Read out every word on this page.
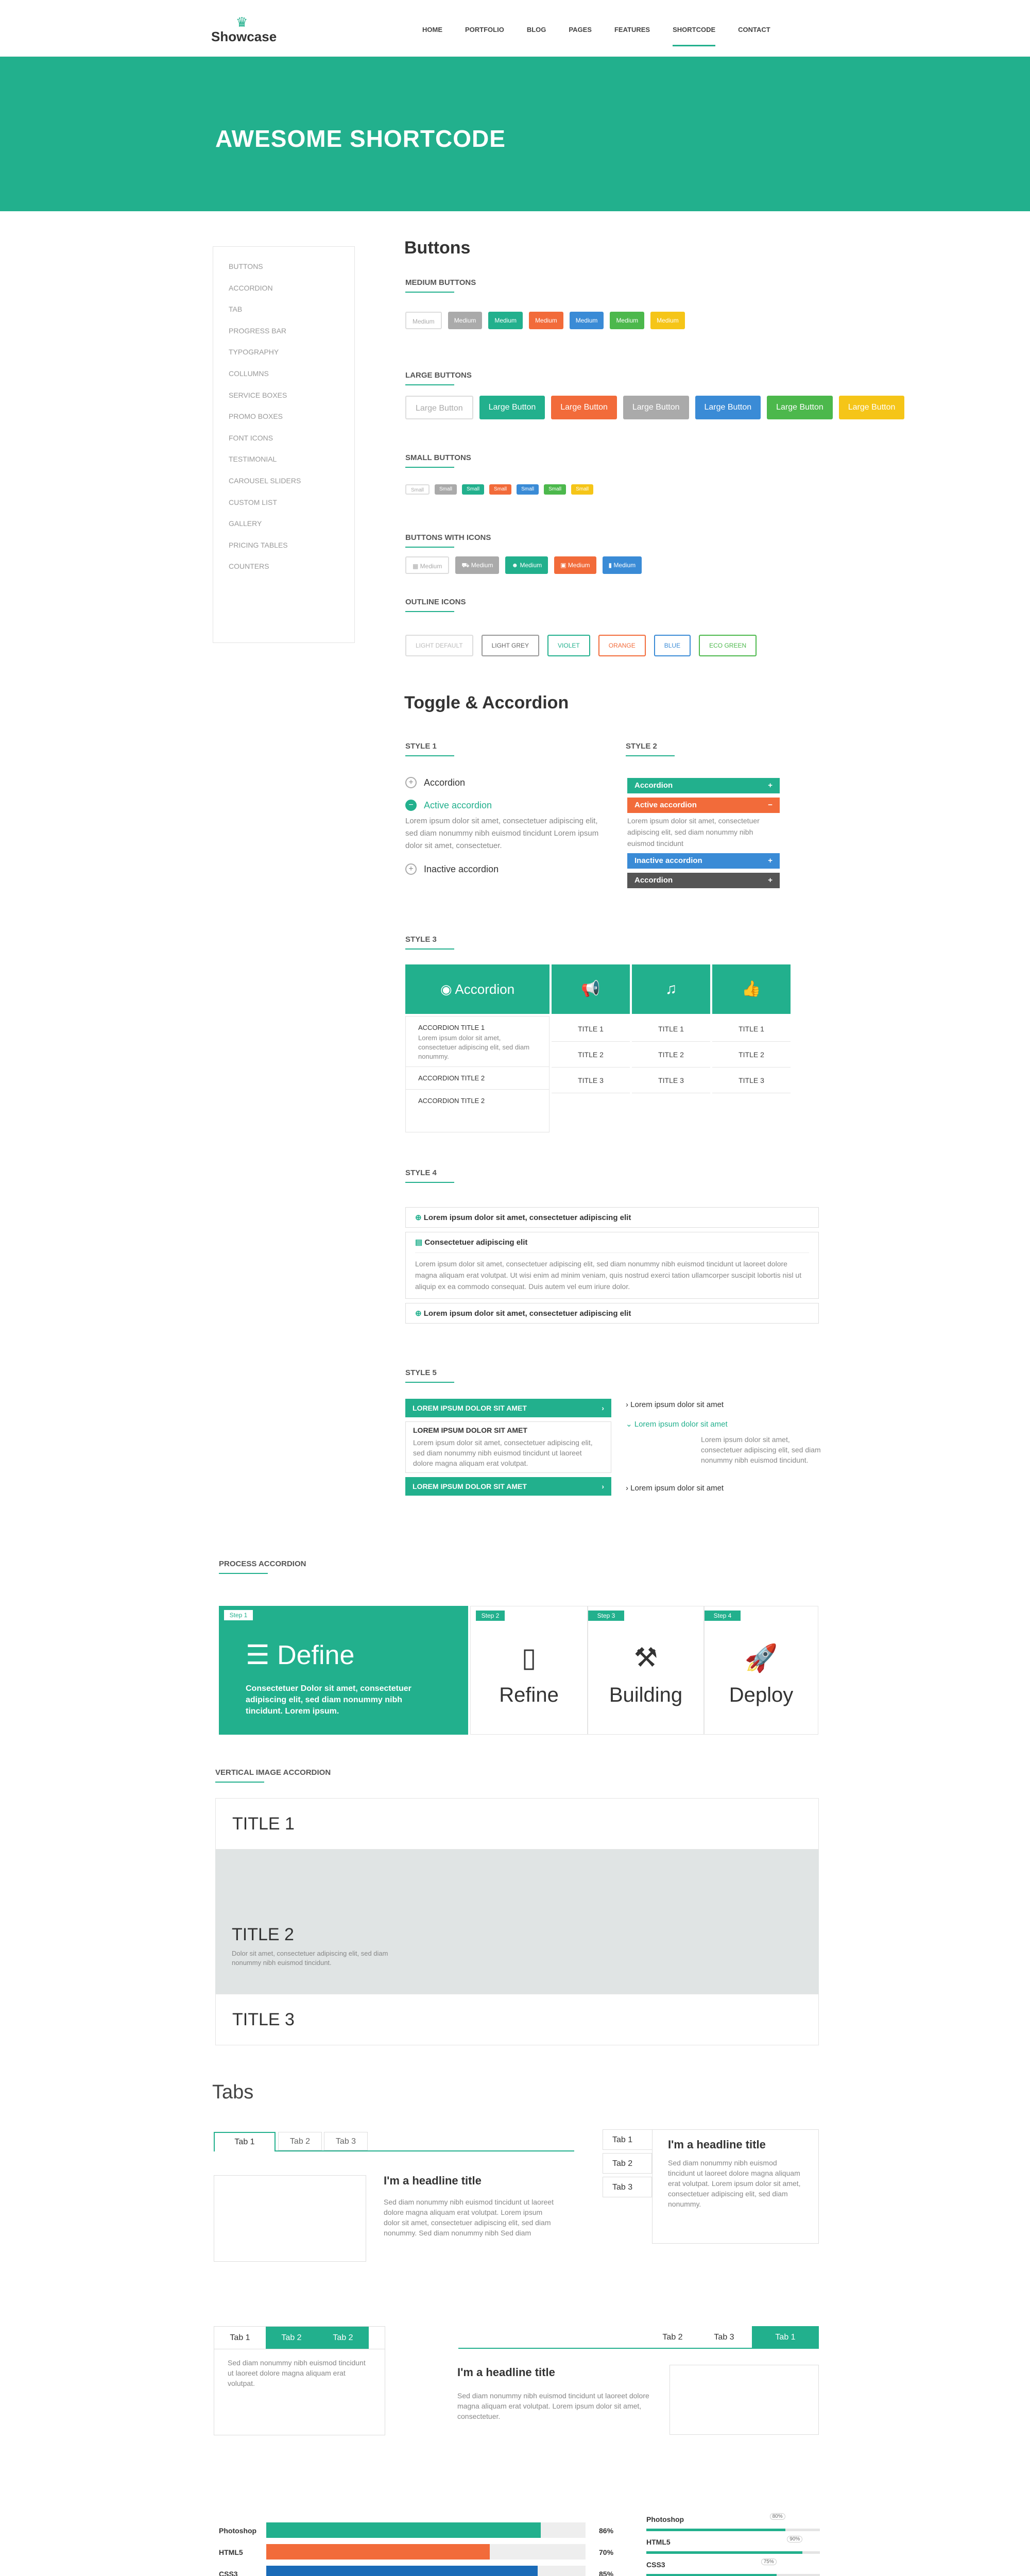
♛
Showcase	HOME	PORTFOLIO	BLOG	PAGES	FEATURES	SHORTCODE	CONTACT
AWESOME SHORTCODE
BUTTONS
ACCORDION
TAB
PROGRESS BAR
TYPOGRAPHY
COLLUMNS
SERVICE BOXES
PROMO BOXES
FONT ICONS
TESTIMONIAL
CAROUSEL SLIDERS
CUSTOM LIST
GALLERY
PRICING TABLES
COUNTERS
Buttons
MEDIUM BUTTONS
Medium	Medium	Medium	Medium	Medium	Medium	Medium
LARGE BUTTONS
Large Button	Large Button	Large Button	Large Button	Large Button	Large Button	Large Button
SMALL BUTTONS
Small	Small	Small	Small	Small	Small	Small
BUTTONS WITH ICONS
▦ Medium	⛟ Medium	☻ Medium	▣ Medium	▮ Medium
OUTLINE ICONS
LIGHT DEFAULT	LIGHT GREY	VIOLET	ORANGE	BLUE	ECO GREEN
Toggle & Accordion
STYLE 1
+	Accordion
−	Active accordion
Lorem ipsum dolor sit amet, consectetuer adipiscing elit, sed diam nonummy nibh euismod tincidunt Lorem ipsum dolor sit amet, consectetuer.
+	Inactive accordion
STYLE 2
Accordion	+
Active accordion	−
Lorem ipsum dolor sit amet, consectetuer adipiscing elit, sed diam nonummy nibh euismod tincidunt
Inactive accordion	+
Accordion	+
STYLE 3
◉ Accordion	📢	♫	👍
ACCORDION TITLE 1
Lorem ipsum dolor sit amet, consectetuer adipiscing elit, sed diam nonummy.
ACCORDION TITLE 2
ACCORDION TITLE 2
TITLE 1	TITLE 1	TITLE 1
TITLE 2	TITLE 2	TITLE 2
TITLE 3	TITLE 3	TITLE 3
STYLE 4
⊕ Lorem ipsum dolor sit amet, consectetuer adipiscing elit
▤ Consectetuer adipiscing elit
Lorem ipsum dolor sit amet, consectetuer adipiscing elit, sed diam nonummy nibh euismod tincidunt ut laoreet dolore magna aliquam erat volutpat. Ut wisi enim ad minim veniam, quis nostrud exerci tation ullamcorper suscipit lobortis nisl ut aliquip ex ea commodo consequat. Duis autem vel eum iriure dolor.
⊕ Lorem ipsum dolor sit amet, consectetuer adipiscing elit
STYLE 5
LOREM IPSUM DOLOR SIT AMET	›
LOREM IPSUM DOLOR SIT AMET
Lorem ipsum dolor sit amet, consectetuer adipiscing elit, sed diam nonummy nibh euismod tincidunt ut laoreet dolore magna aliquam erat volutpat.
LOREM IPSUM DOLOR SIT AMET	›
› Lorem ipsum dolor sit amet
⌄ Lorem ipsum dolor sit amet
Lorem ipsum dolor sit amet, consectetuer adipiscing elit, sed diam nonummy nibh euismod tincidunt.
› Lorem ipsum dolor sit amet
PROCESS ACCORDION
Step 1
☰ Define
Consectetuer Dolor sit amet, consectetuer adipiscing elit, sed diam nonummy nibh tincidunt. Lorem ipsum.
Step 2
▯
Refine
Step 3
⚒
Building
Step 4
🚀
Deploy
VERTICAL IMAGE ACCORDION
TITLE 1
TITLE 2
Dolor sit amet, consectetuer adipiscing elit, sed diam nonummy nibh euismod tincidunt.
TITLE 3
Tabs
Tab 1	Tab 2	Tab 3
I'm a headline title
Sed diam nonummy nibh euismod tincidunt ut laoreet dolore magna aliquam erat volutpat. Lorem ipsum dolor sit amet, consectetuer adipiscing elit, sed diam nonummy. Sed diam nonummy nibh Sed diam
Tab 1
Tab 2
Tab 3
I'm a headline title
Sed diam nonummy nibh euismod tincidunt ut laoreet dolore magna aliquam erat volutpat. Lorem ipsum dolor sit amet, consectetuer adipiscing elit, sed diam nonummy.
Tab 1	Tab 2	Tab 2
Sed diam nonummy nibh euismod tincidunt ut laoreet dolore magna aliquam erat volutpat.
Tab 2	Tab 3	Tab 1
I'm a headline title
Sed diam nonummy nibh euismod tincidunt ut laoreet dolore magna aliquam erat volutpat. Lorem ipsum dolor sit amet, consectetuer.
Photoshop	86%
HTML5	70%
CSS3	85%
Photoshop	80%
HTML5	90%
CSS3	75%
